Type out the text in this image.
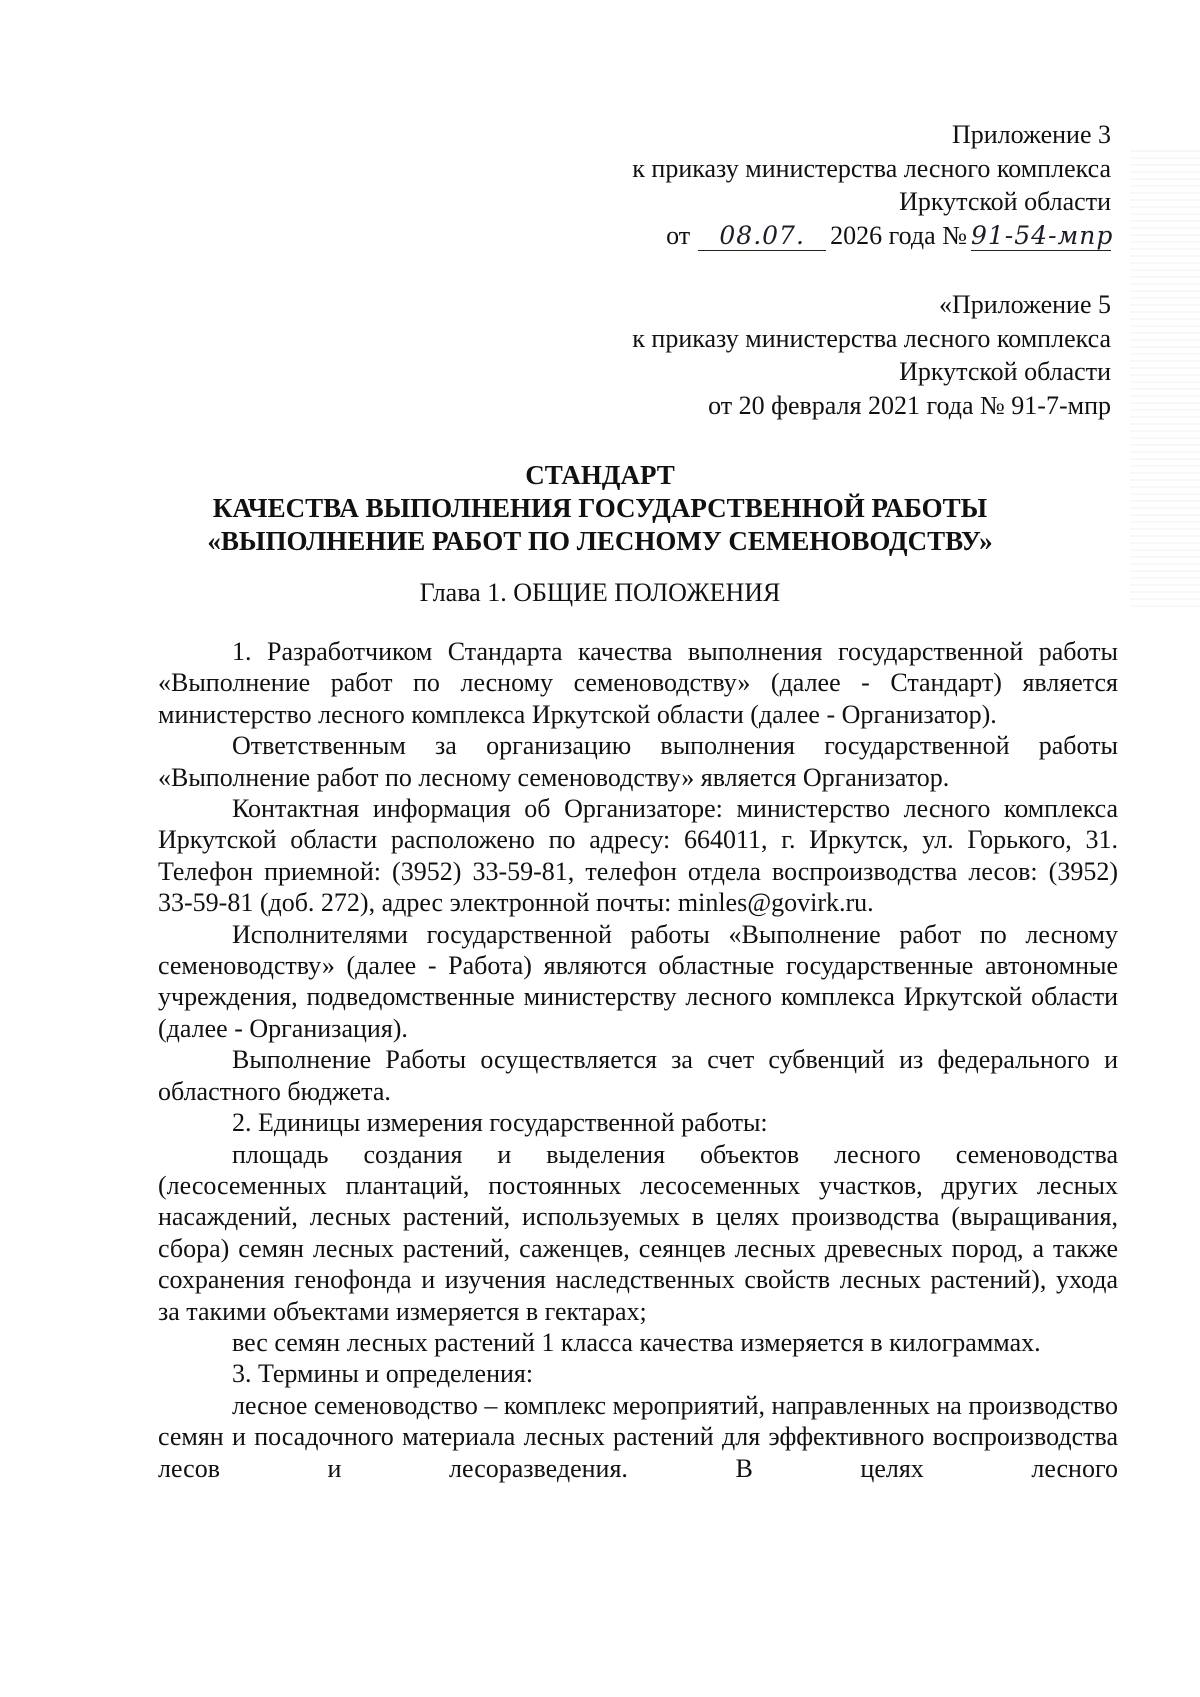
Приложение 3
к приказу министерства лесного комплекса
Иркутской области
от 08.07. 2026 года № 91-54-мпр
«Приложение 5
к приказу министерства лесного комплекса
Иркутской области
от 20 февраля 2021 года № 91-7-мпр
СТАНДАРТ
КАЧЕСТВА ВЫПОЛНЕНИЯ ГОСУДАРСТВЕННОЙ РАБОТЫ
«ВЫПОЛНЕНИЕ РАБОТ ПО ЛЕСНОМУ СЕМЕНОВОДСТВУ»
Глава 1. ОБЩИЕ ПОЛОЖЕНИЯ

1. Разработчиком Стандарта качества выполнения государственной работы «Выполнение работ по лесному семеноводству» (далее - Стандарт) является министерство лесного комплекса Иркутской области (далее - Организатор).

Ответственным за организацию выполнения государственной работы «Выполнение работ по лесному семеноводству» является Организатор.

Контактная информация об Организаторе: министерство лесного комплекса Иркутской области расположено по адресу: 664011, г. Иркутск, ул. Горького, 31. Телефон приемной: (3952) 33-59-81, телефон отдела воспроизводства лесов: (3952) 33-59-81 (доб. 272), адрес электронной почты: minles@govirk.ru.

Исполнителями государственной работы «Выполнение работ по лесному семеноводству» (далее - Работа) являются областные государственные автономные учреждения, подведомственные министерству лесного комплекса Иркутской области (далее - Организация).

Выполнение Работы осуществляется за счет субвенций из федерального и областного бюджета.

2. Единицы измерения государственной работы:

площадь создания и выделения объектов лесного семеноводства (лесосеменных плантаций, постоянных лесосеменных участков, других лесных насаждений, лесных растений, используемых в целях производства (выращивания, сбора) семян лесных растений, саженцев, сеянцев лесных древесных пород, а также сохранения генофонда и изучения наследственных свойств лесных растений), ухода за такими объектами измеряется в гектарах;

вес семян лесных растений 1 класса качества измеряется в килограммах.

3. Термины и определения:

лесное семеноводство – комплекс мероприятий, направленных на производство семян и посадочного материала лесных растений для эффективного воспроизводства лесов и лесоразведения. В целях лесного
